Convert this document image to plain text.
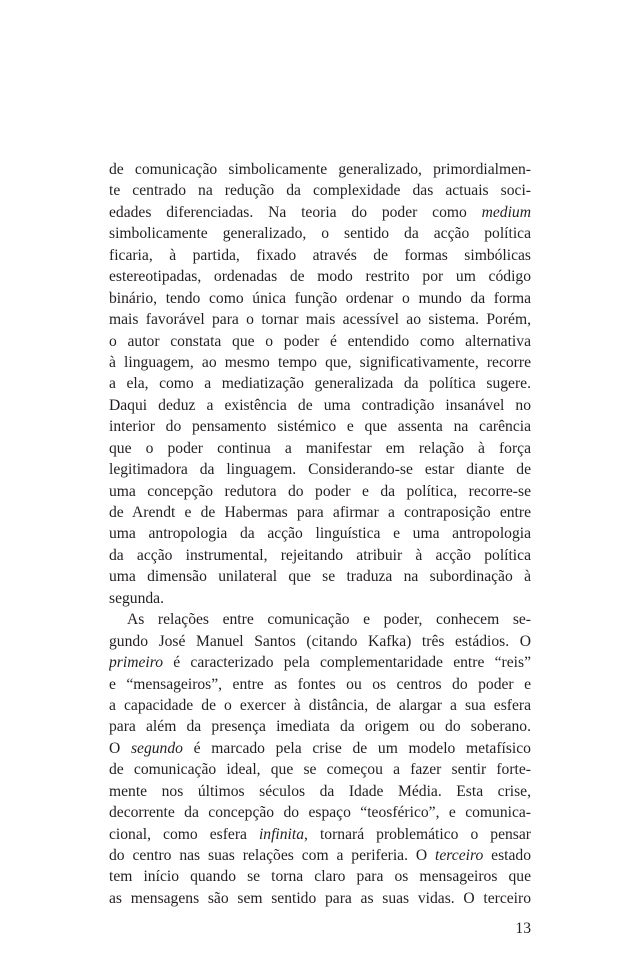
de comunicação simbolicamente generalizado, primordialmen-
te centrado na redução da complexidade das actuais soci-
edades diferenciadas. Na teoria do poder como medium
simbolicamente generalizado, o sentido da acção política
ficaria, à partida, fixado através de formas simbólicas
estereotipadas, ordenadas de modo restrito por um código
binário, tendo como única função ordenar o mundo da forma
mais favorável para o tornar mais acessível ao sistema. Porém,
o autor constata que o poder é entendido como alternativa
à linguagem, ao mesmo tempo que, significativamente, recorre
a ela, como a mediatização generalizada da política sugere.
Daqui deduz a existência de uma contradição insanável no
interior do pensamento sistémico e que assenta na carência
que o poder continua a manifestar em relação à força
legitimadora da linguagem. Considerando-se estar diante de
uma concepção redutora do poder e da política, recorre-se
de Arendt e de Habermas para afirmar a contraposição entre
uma antropologia da acção linguística e uma antropologia
da acção instrumental, rejeitando atribuir à acção política
uma dimensão unilateral que se traduza na subordinação à
segunda.
As relações entre comunicação e poder, conhecem se-
gundo José Manuel Santos (citando Kafka) três estádios. O
primeiro é caracterizado pela complementaridade entre “reis”
e “mensageiros”, entre as fontes ou os centros do poder e
a capacidade de o exercer à distância, de alargar a sua esfera
para além da presença imediata da origem ou do soberano.
O segundo é marcado pela crise de um modelo metafísico
de comunicação ideal, que se começou a fazer sentir forte-
mente nos últimos séculos da Idade Média. Esta crise,
decorrente da concepção do espaço “teosférico”, e comunica-
cional, como esfera infinita, tornará problemático o pensar
do centro nas suas relações com a periferia. O terceiro estado
tem início quando se torna claro para os mensageiros que
as mensagens são sem sentido para as suas vidas. O terceiro
13
